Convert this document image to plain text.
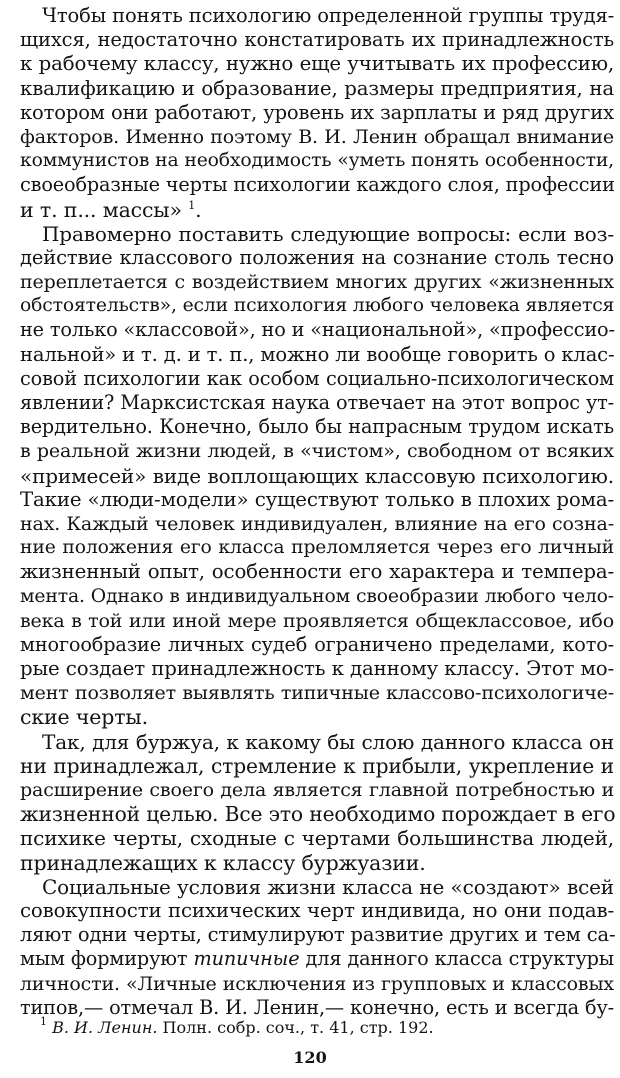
Чтобы понять психологию определенной группы трудя-
щихся, недостаточно констатировать их принадлежность
к рабочему классу, нужно еще учитывать их профессию,
квалификацию и образование, размеры предприятия, на
котором они работают, уровень их зарплаты и ряд других
факторов. Именно поэтому В. И. Ленин обращал внимание
коммунистов на необходимость «уметь понять особенности,
своеобразные черты психологии каждого слоя, профессии
и т. п... массы» $^1$.
Правомерно поставить следующие вопросы: если воз-
действие классового положения на сознание столь тесно
переплетается с воздействием многих других «жизненных
обстоятельств», если психология любого человека является
не только «классовой», но и «национальной», «профессио-
нальной» и т. д. и т. п., можно ли вообще говорить о клас-
совой психологии как особом социально-психологическом
явлении? Марксистская наука отвечает на этот вопрос ут-
вердительно. Конечно, было бы напрасным трудом искать
в реальной жизни людей, в «чистом», свободном от всяких
«примесей» виде воплощающих классовую психологию.
Такие «люди-модели» существуют только в плохих рома-
нах. Каждый человек индивидуален, влияние на его созна-
ние положения его класса преломляется через его личный
жизненный опыт, особенности его характера и темпера-
мента. Однако в индивидуальном своеобразии любого чело-
века в той или иной мере проявляется общеклассовое, ибо
многообразие личных судеб ограничено пределами, кото-
рые создает принадлежность к данному классу. Этот мо-
мент позволяет выявлять типичные классово-психологиче-
ские черты.
Так, для буржуа, к какому бы слою данного класса он
ни принадлежал, стремление к прибыли, укрепление и
расширение своего дела является главной потребностью и
жизненной целью. Все это необходимо порождает в его
психике черты, сходные с чертами большинства людей,
принадлежащих к классу буржуазии.
Социальные условия жизни класса не «создают» всей
совокупности психических черт индивида, но они подав-
ляют одни черты, стимулируют развитие других и тем са-
мым формируют типичные для данного класса структуры
личности. «Личные исключения из групповых и классовых
типов,— отмечал В. И. Ленин,— конечно, есть и всегда бу-
$^1$ В. И. Ленин. Полн. собр. соч., т. 41, стр. 192.
120
